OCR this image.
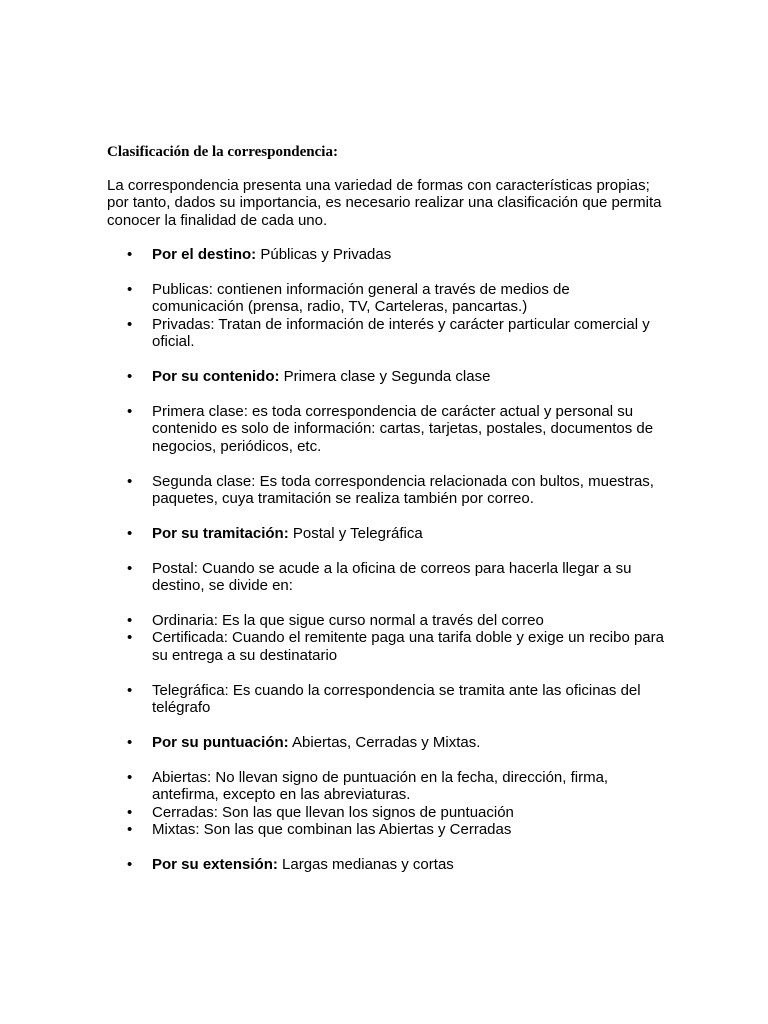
Clasificación de la correspondencia:
La correspondencia presenta una variedad de formas con características propias; por tanto, dados su importancia, es necesario realizar una clasificación que permita conocer la finalidad de cada uno.
• Por el destino: Públicas y Privadas
• Publicas: contienen información general a través de medios de comunicación (prensa, radio, TV, Carteleras, pancartas.)
• Privadas: Tratan de información de interés y carácter particular comercial y oficial.
• Por su contenido: Primera clase y Segunda clase
• Primera clase: es toda correspondencia de carácter actual y personal su contenido es solo de información: cartas, tarjetas, postales, documentos de negocios, periódicos, etc.
• Segunda clase: Es toda correspondencia relacionada con bultos, muestras, paquetes, cuya tramitación se realiza también por correo.
• Por su tramitación: Postal y Telegráfica
• Postal: Cuando se acude a la oficina de correos para hacerla llegar a su destino, se divide en:
• Ordinaria: Es la que sigue curso normal a través del correo
• Certificada: Cuando el remitente paga una tarifa doble y exige un recibo para su entrega a su destinatario
• Telegráfica: Es cuando la correspondencia se tramita ante las oficinas del telégrafo
• Por su puntuación: Abiertas, Cerradas y Mixtas.
• Abiertas: No llevan signo de puntuación en la fecha, dirección, firma, antefirma, excepto en las abreviaturas.
• Cerradas: Son las que llevan los signos de puntuación
• Mixtas: Son las que combinan las Abiertas y Cerradas
• Por su extensión: Largas medianas y cortas
